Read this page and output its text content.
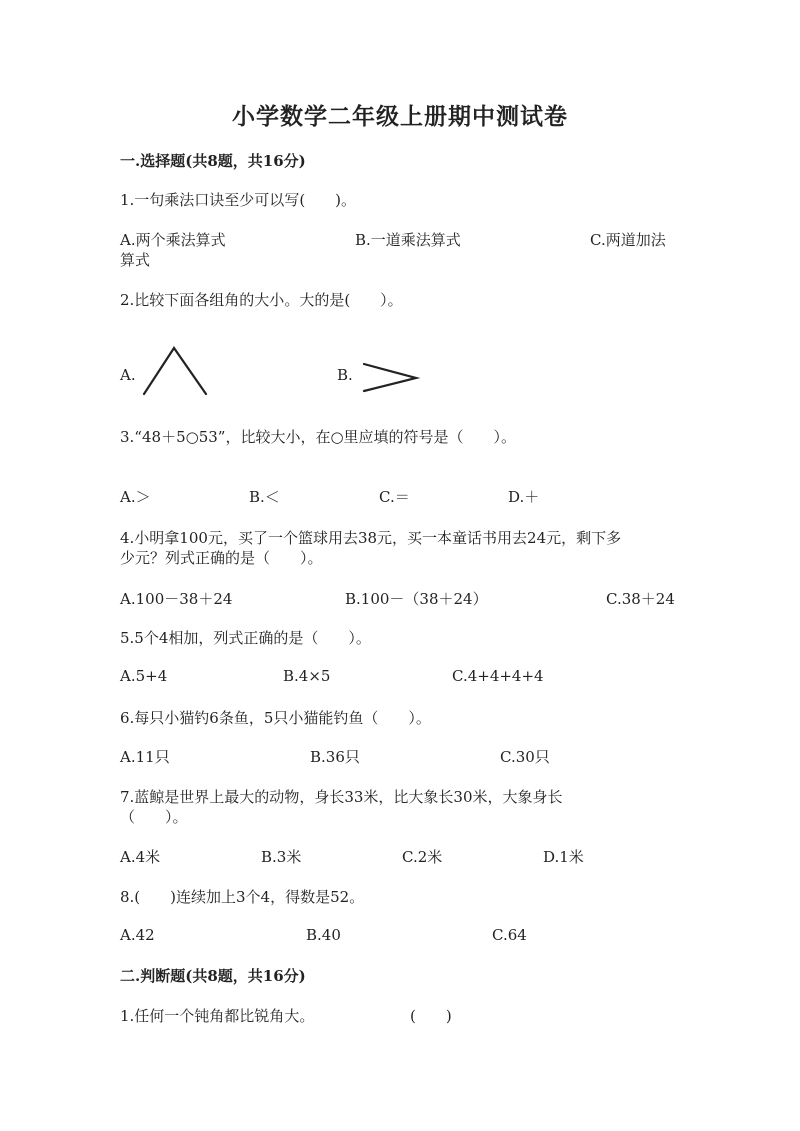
小学数学二年级上册期中测试卷
一.选择题(共8题，共16分)
1.一句乘法口诀至少可以写(　　)。
A.两个乘法算式	B.一道乘法算式	C.两道加法
算式
2.比较下面各组角的大小。大的是(　　）。
A.	B.
3.“48＋5○53”，比较大小，在○里应填的符号是（　　）。
A.＞	B.＜	C.＝	D.＋
4.小明拿100元，买了一个篮球用去38元，买一本童话书用去24元，剩下多
少元？列式正确的是（　　）。
A.100－38＋24	B.100－（38＋24）	C.38＋24
5.5个4相加，列式正确的是（　　）。
A.5+4	B.4×5	C.4+4+4+4
6.每只小猫钓6条鱼，5只小猫能钓鱼（　　）。
A.11只	B.36只	C.30只
7.蓝鲸是世界上最大的动物，身长33米，比大象长30米，大象身长
（　　）。
A.4米	B.3米	C.2米	D.1米
8.(　　)连续加上3个4，得数是52。
A.42	B.40	C.64
二.判断题(共8题，共16分)
1.任何一个钝角都比锐角大。	(　　)
